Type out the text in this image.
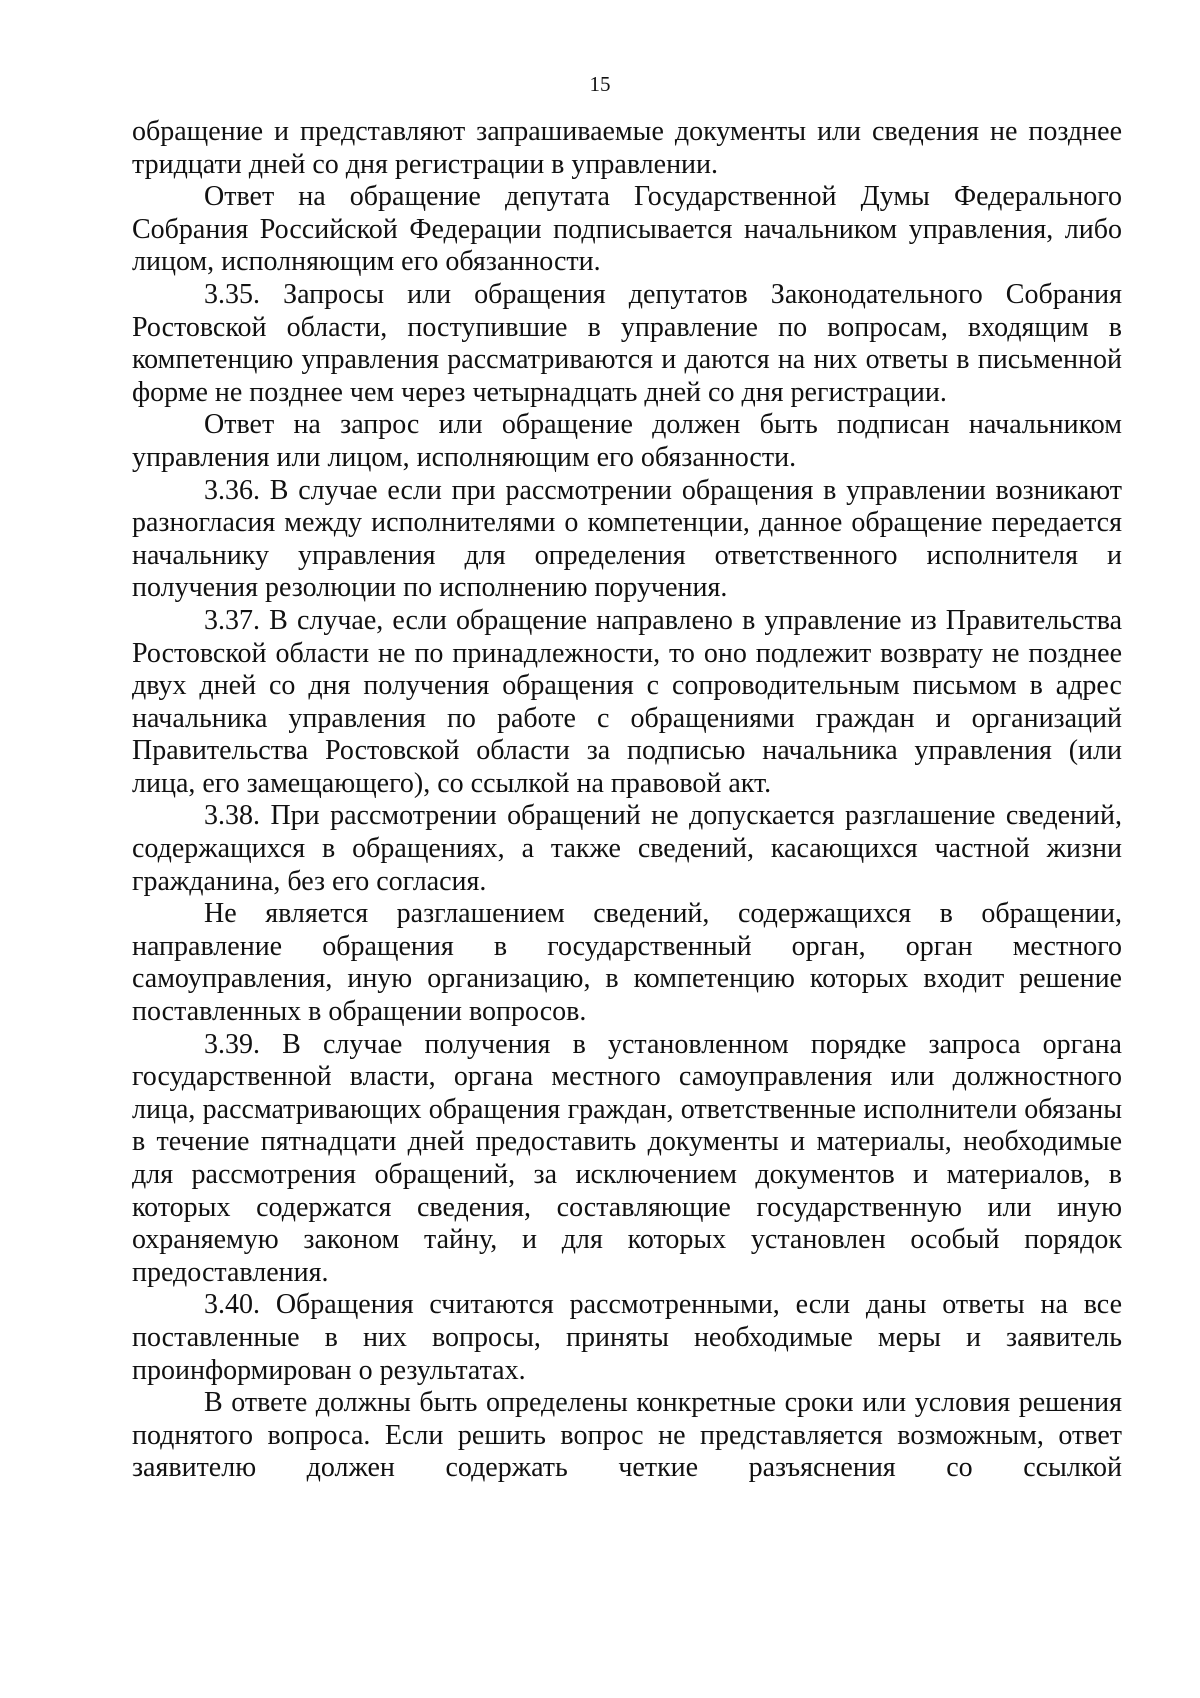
15

обращение и представляют запрашиваемые документы или сведения не позднее тридцати дней со дня регистрации в управлении.

Ответ на обращение депутата Государственной Думы Федерального Собрания Российской Федерации подписывается начальником управления, либо лицом, исполняющим его обязанности.

3.35. Запросы или обращения депутатов Законодательного Собрания Ростовской области, поступившие в управление по вопросам, входящим в компетенцию управления рассматриваются и даются на них ответы в письменной форме не позднее чем через четырнадцать дней со дня регистрации.

Ответ на запрос или обращение должен быть подписан начальником управления или лицом, исполняющим его обязанности.

3.36. В случае если при рассмотрении обращения в управлении возникают разногласия между исполнителями о компетенции, данное обращение передается начальнику управления для определения ответственного исполнителя и получения резолюции по исполнению поручения.

3.37. В случае, если обращение направлено в управление из Правительства Ростовской области не по принадлежности, то оно подлежит возврату не позднее двух дней со дня получения обращения с сопроводительным письмом в адрес начальника управления по работе с обращениями граждан и организаций Правительства Ростовской области за подписью начальника управления (или лица, его замещающего), со ссылкой на правовой акт.

3.38. При рассмотрении обращений не допускается разглашение сведений, содержащихся в обращениях, а также сведений, касающихся частной жизни гражданина, без его согласия.

Не является разглашением сведений, содержащихся в обращении, направление обращения в государственный орган, орган местного самоуправления, иную организацию, в компетенцию которых входит решение поставленных в обращении вопросов.

3.39. В случае получения в установленном порядке запроса органа государственной власти, органа местного самоуправления или должностного лица, рассматривающих обращения граждан, ответственные исполнители обязаны в течение пятнадцати дней предоставить документы и материалы, необходимые для рассмотрения обращений, за исключением документов и материалов, в которых содержатся сведения, составляющие государственную или иную охраняемую законом тайну, и для которых установлен особый порядок предоставления.

3.40. Обращения считаются рассмотренными, если даны ответы на все поставленные в них вопросы, приняты необходимые меры и заявитель проинформирован о результатах.

В ответе должны быть определены конкретные сроки или условия решения поднятого вопроса. Если решить вопрос не представляется возможным, ответ заявителю должен содержать четкие разъяснения со ссылкой
